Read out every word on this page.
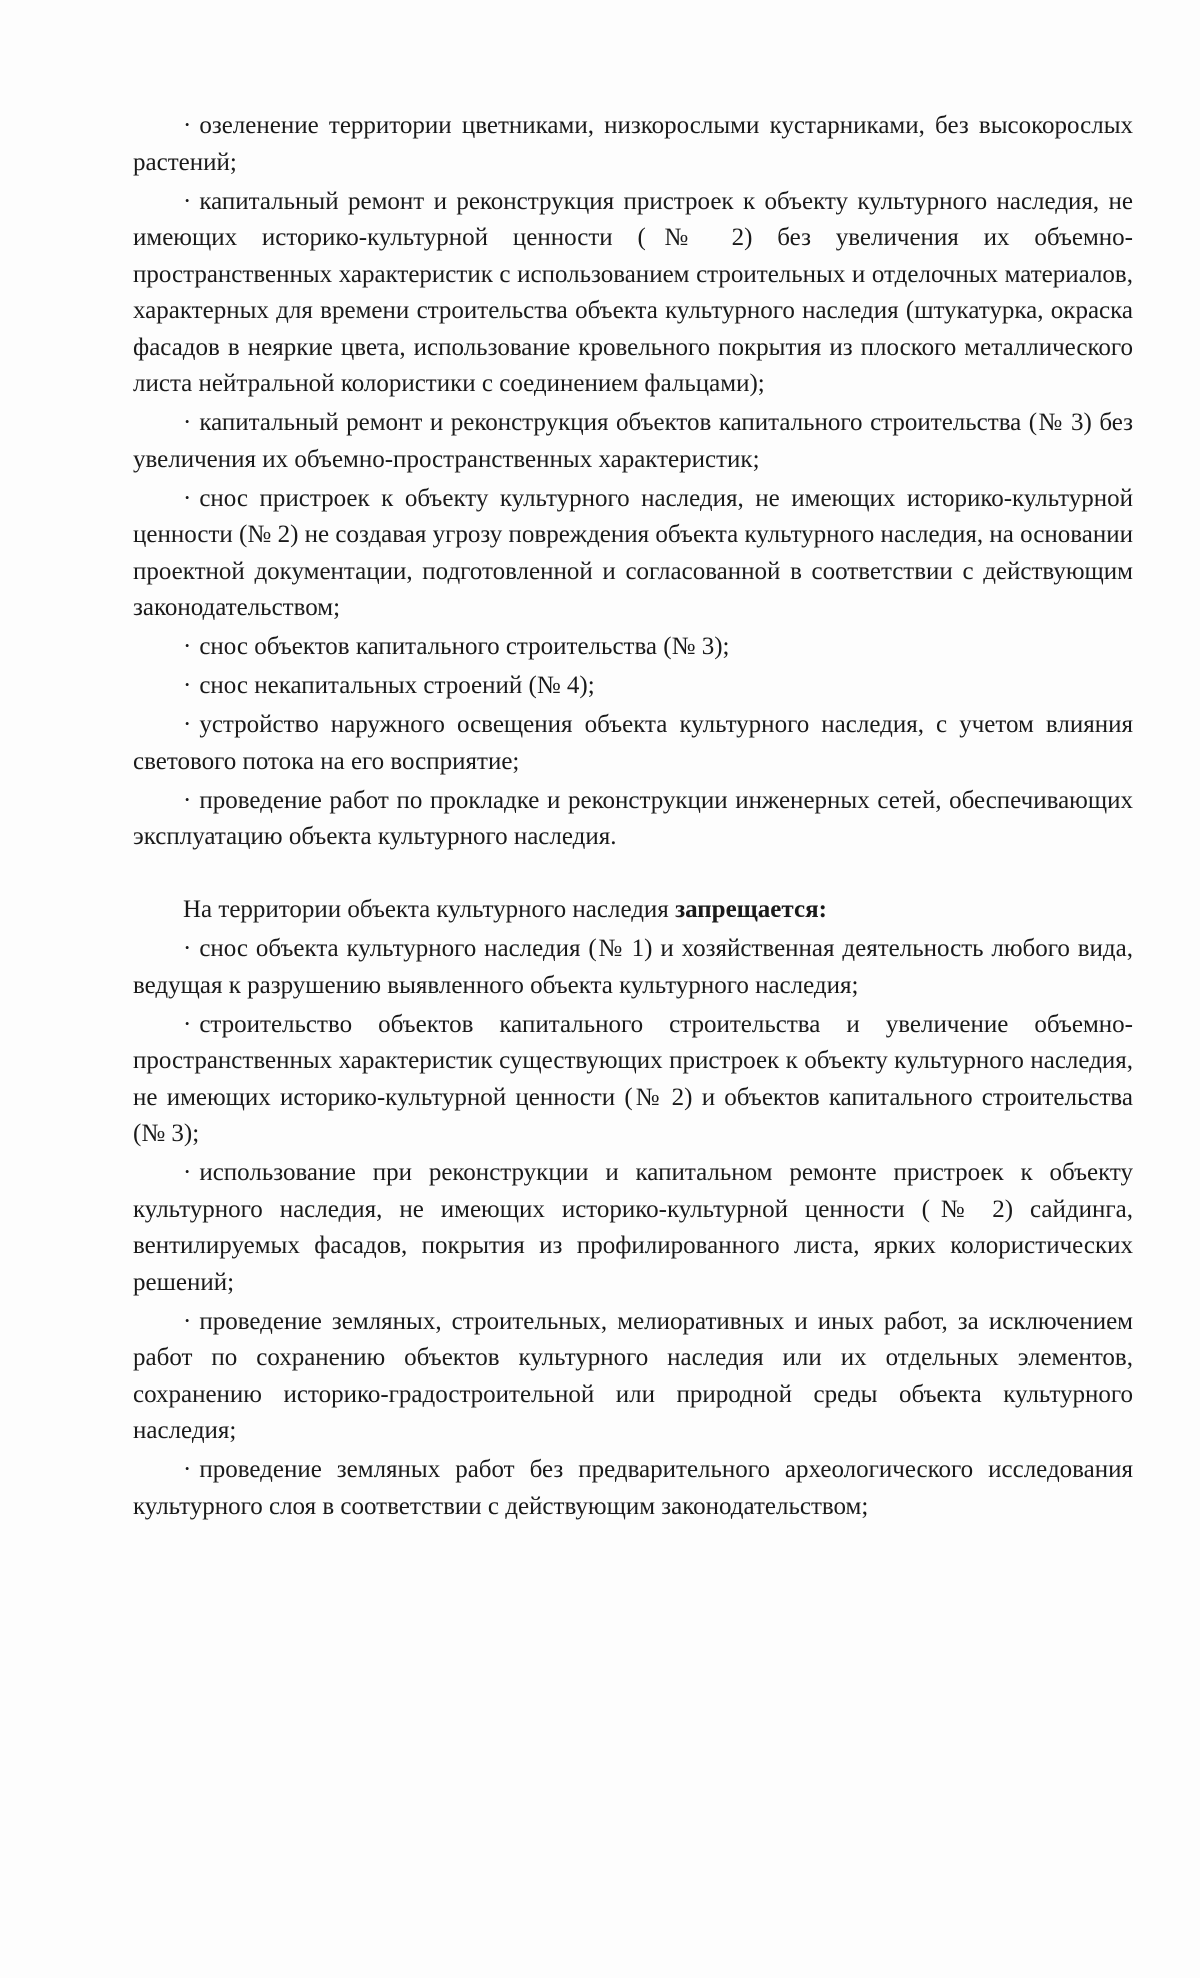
· озеленение территории цветниками, низкорослыми кустарниками, без высокорослых растений;

· капитальный ремонт и реконструкция пристроек к объекту культурного наследия, не имеющих историко-культурной ценности (№ 2) без увеличения их объемно-пространственных характеристик с использованием строительных и отделочных материалов, характерных для времени строительства объекта культурного наследия (штукатурка, окраска фасадов в неяркие цвета, использование кровельного покрытия из плоского металлического листа нейтральной колористики с соединением фальцами);

· капитальный ремонт и реконструкция объектов капитального строительства (№ 3) без увеличения их объемно-пространственных характеристик;

· снос пристроек к объекту культурного наследия, не имеющих историко-культурной ценности (№ 2) не создавая угрозу повреждения объекта культурного наследия, на основании проектной документации, подготовленной и согласованной в соответствии с действующим законодательством;

· снос объектов капитального строительства (№ 3);

· снос некапитальных строений (№ 4);

· устройство наружного освещения объекта культурного наследия, с учетом влияния светового потока на его восприятие;

· проведение работ по прокладке и реконструкции инженерных сетей, обеспечивающих эксплуатацию объекта культурного наследия.

На территории объекта культурного наследия запрещается:

· снос объекта культурного наследия (№ 1) и хозяйственная деятельность любого вида, ведущая к разрушению выявленного объекта культурного наследия;

· строительство объектов капитального строительства и увеличение объемно-пространственных характеристик существующих пристроек к объекту культурного наследия, не имеющих историко-культурной ценности (№ 2) и объектов капитального строительства (№ 3);

· использование при реконструкции и капитальном ремонте пристроек к объекту культурного наследия, не имеющих историко-культурной ценности (№ 2) сайдинга, вентилируемых фасадов, покрытия из профилированного листа, ярких колористических решений;

· проведение земляных, строительных, мелиоративных и иных работ, за исключением работ по сохранению объектов культурного наследия или их отдельных элементов, сохранению историко-градостроительной или природной среды объекта культурного наследия;

· проведение земляных работ без предварительного археологического исследования культурного слоя в соответствии с действующим законодательством;
